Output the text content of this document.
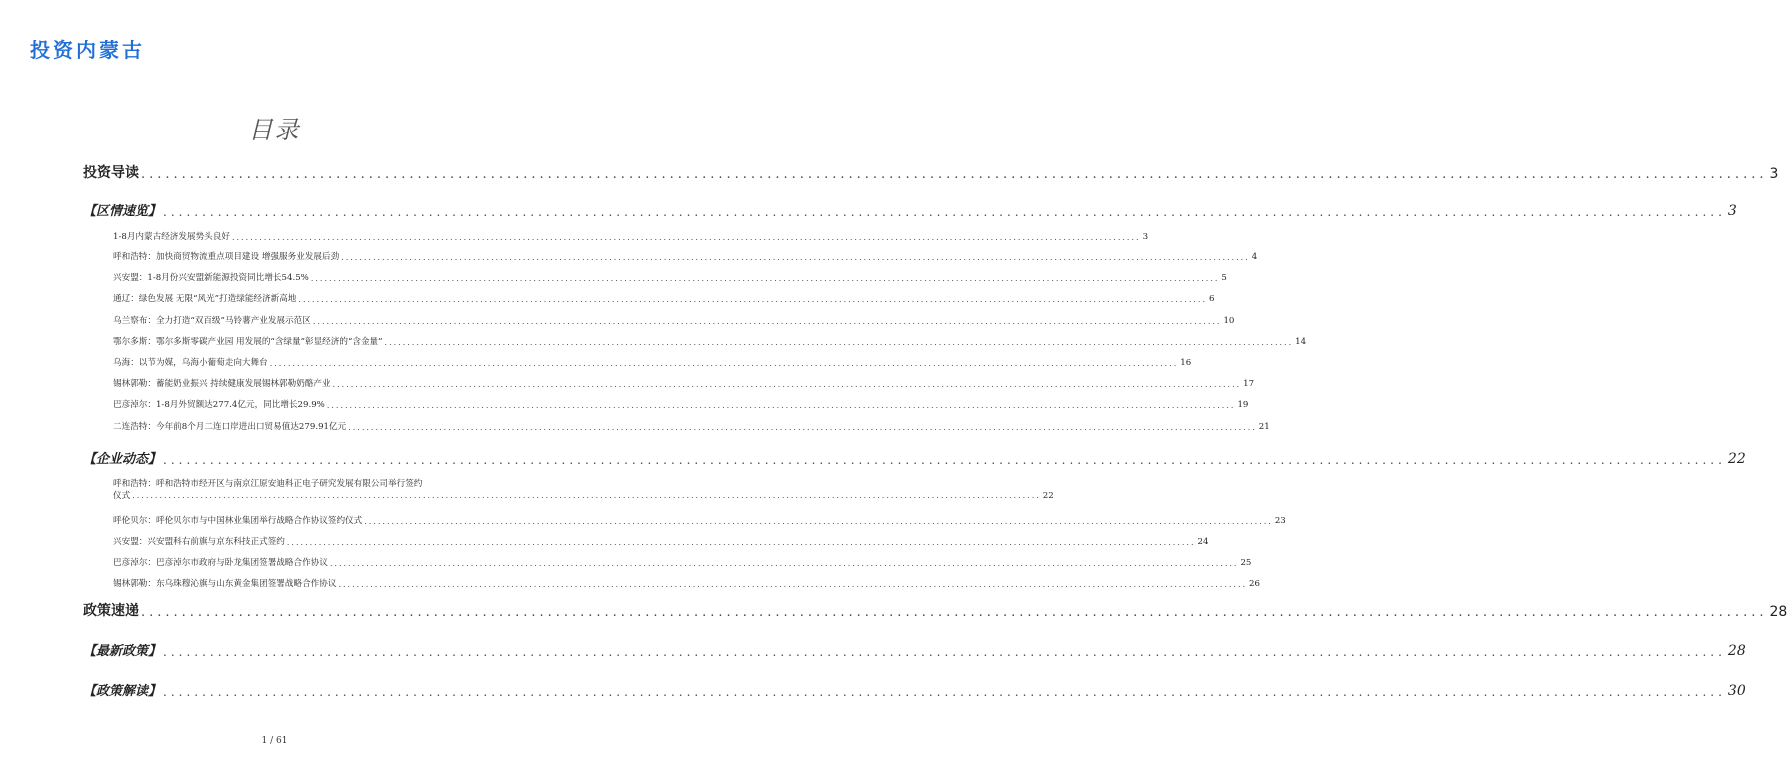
投资内蒙古
目录
投资导读 ........................................................................................................................................................................................................ 3
【区情速览】 ........................................................................................................................................................................................................ 3
1-8月内蒙古经济发展势头良好 ........................................................................................................................................................................................................ 3
呼和浩特：加快商贸物流重点项目建设 增强服务业发展后劲 ........................................................................................................................................................................................................ 4
兴安盟：1-8月份兴安盟新能源投资同比增长54.5% ........................................................................................................................................................................................................ 5
通辽：绿色发展 无限“风光”打造绿能经济新高地 ........................................................................................................................................................................................................ 6
乌兰察布：全力打造“双百级”马铃薯产业发展示范区 ........................................................................................................................................................................................................ 10
鄂尔多斯：鄂尔多斯零碳产业园 用发展的“含绿量”彰显经济的“含金量” ........................................................................................................................................................................................................ 14
乌海：以节为媒，乌海小葡萄走向大舞台 ........................................................................................................................................................................................................ 16
锡林郭勒：蓄能奶业振兴 持续健康发展锡林郭勒奶酪产业 ........................................................................................................................................................................................................ 17
巴彦淖尔：1-8月外贸额达277.4亿元，同比增长29.9% ........................................................................................................................................................................................................ 19
二连浩特：今年前8个月二连口岸进出口贸易值达279.91亿元 ........................................................................................................................................................................................................ 21
【企业动态】 ........................................................................................................................................................................................................ 22
呼和浩特：呼和浩特市经开区与南京江原安迪科正电子研究发展有限公司举行签约
仪式 ........................................................................................................................................................................................................ 22
呼伦贝尔：呼伦贝尔市与中国林业集团举行战略合作协议签约仪式 ........................................................................................................................................................................................................ 23
兴安盟：兴安盟科右前旗与京东科技正式签约 ........................................................................................................................................................................................................ 24
巴彦淖尔：巴彦淖尔市政府与卧龙集团签署战略合作协议 ........................................................................................................................................................................................................ 25
锡林郭勒：东乌珠穆沁旗与山东黄金集团签署战略合作协议 ........................................................................................................................................................................................................ 26
政策速递 ........................................................................................................................................................................................................ 28
【最新政策】 ........................................................................................................................................................................................................ 28
【政策解读】 ........................................................................................................................................................................................................ 30
1 / 61
